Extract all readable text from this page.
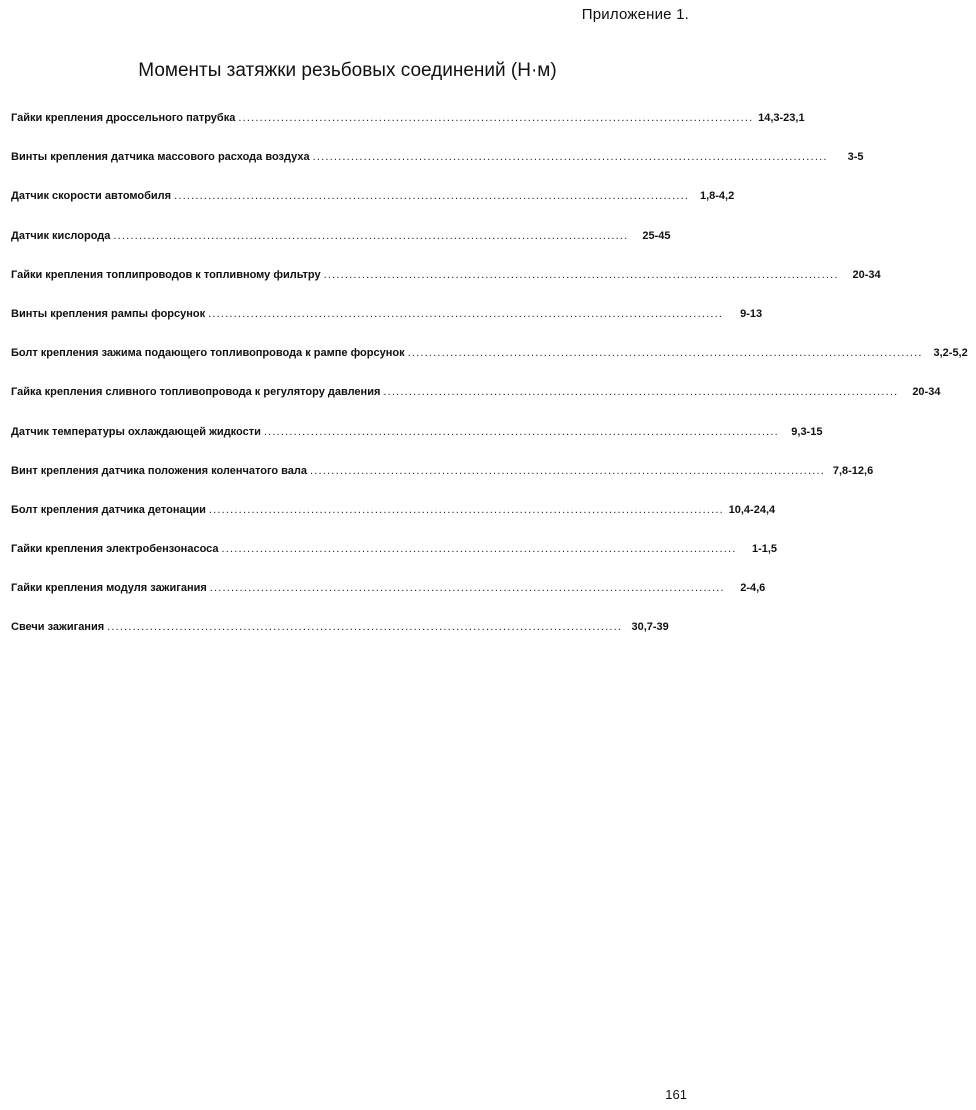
Приложение 1.
Моменты затяжки резьбовых соединений (Н·м)
Гайки крепления дроссельного патрубка ......................................................................................................................... 14,3-23,1
Винты крепления датчика массового расхода воздуха .........................................................................................................................	3-5
Датчик скорости автомобиля ......................................................................................................................... 1,8-4,2
Датчик кислорода .........................................................................................................................	25-45
Гайки крепления топлипроводов к топливному фильтру .........................................................................................................................	20-34
Винты крепления рампы форсунок .........................................................................................................................	9-13
Болт крепления зажима подающего топливопровода к рампе форсунок ......................................................................................................................... 3,2-5,2
Гайка крепления сливного топливопровода к регулятору давления .........................................................................................................................	20-34
Датчик температуры охлаждающей жидкости .........................................................................................................................	9,3-15
Винт крепления датчика положения коленчатого вала ......................................................................................................................... 7,8-12,6
Болт крепления датчика детонации ......................................................................................................................... 10,4-24,4
Гайки крепления электробензонасоса .........................................................................................................................	1-1,5
Гайки крепления модуля зажигания .........................................................................................................................	2-4,6
Свечи зажигания ......................................................................................................................... 30,7-39
161
